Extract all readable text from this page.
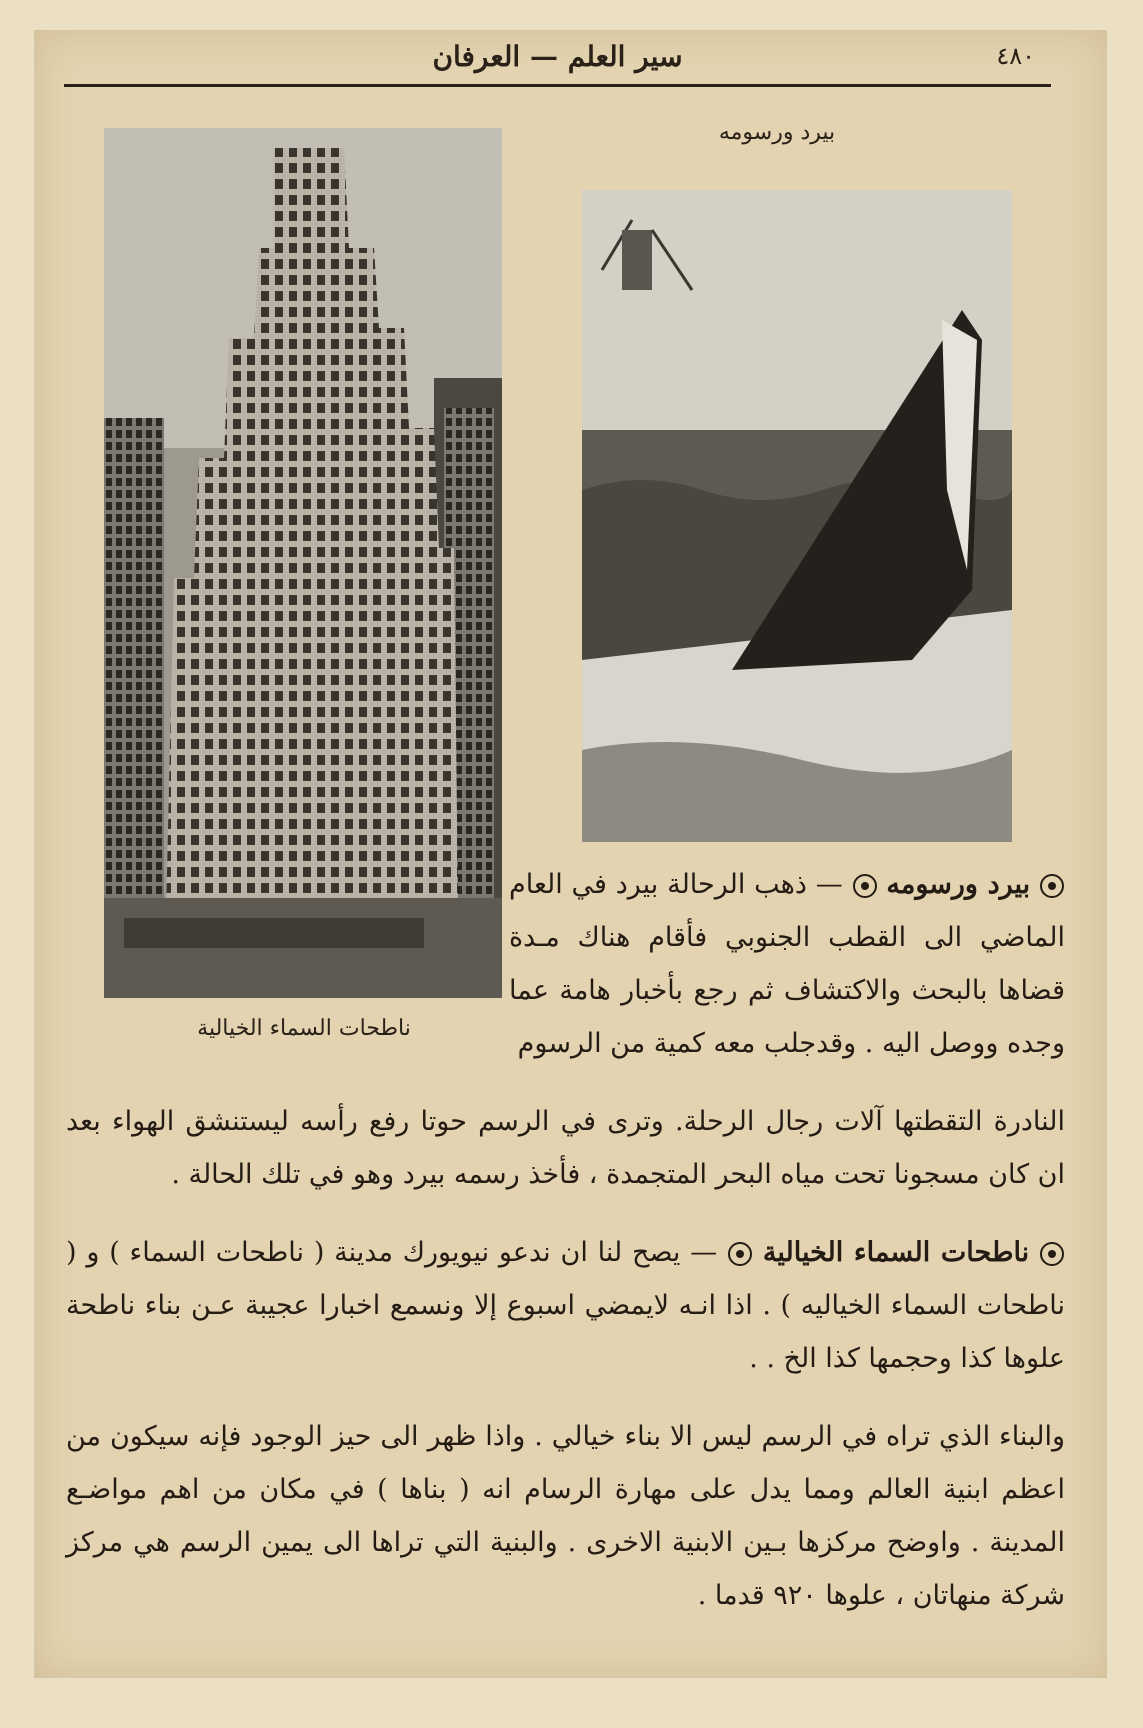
٤٨٠
سير العلم — العرفان
بيرد ورسومه
ناطحات السماء الخيالية
بيرد ورسومه  — ذهب الرحالة بيرد في العام الماضي الى القطب الجنوبي فأقام هناك مـدة قضاها بالبحث والاكتشاف ثم رجع بأخبار هامة عما وجده ووصل اليه . وقدجلب معه كمية من الرسوم
النادرة التقطتها آلات رجال الرحلة. وترى في الرسم حوتا رفع رأسه ليستنشق الهواء بعد ان كان مسجونا تحت مياه البحر المتجمدة ، فأخذ رسمه بيرد وهو في تلك الحالة .
ناطحات السماء الخيالية  — يصح لنا ان ندعو نيويورك مدينة ( ناطحات السماء ) و ( ناطحات السماء الخياليه ) . اذا انـه لايمضي اسبوع إلا ونسمع اخبارا عجيبة عـن بناء ناطحة علوها كذا وحجمها كذا الخ . .
والبناء الذي تراه في الرسم ليس الا بناء خيالي . واذا ظهر الى حيز الوجود فإنه سيكون من اعظم ابنية العالم ومما يدل على مهارة الرسام انه ( بناها ) في مكان من اهم مواضـع المدينة . واوضح مركزها بـين الابنية الاخرى . والبنية التي تراها الى يمين الرسم هي مركز شركة منهاتان ، علوها ٩٢٠ قدما .
